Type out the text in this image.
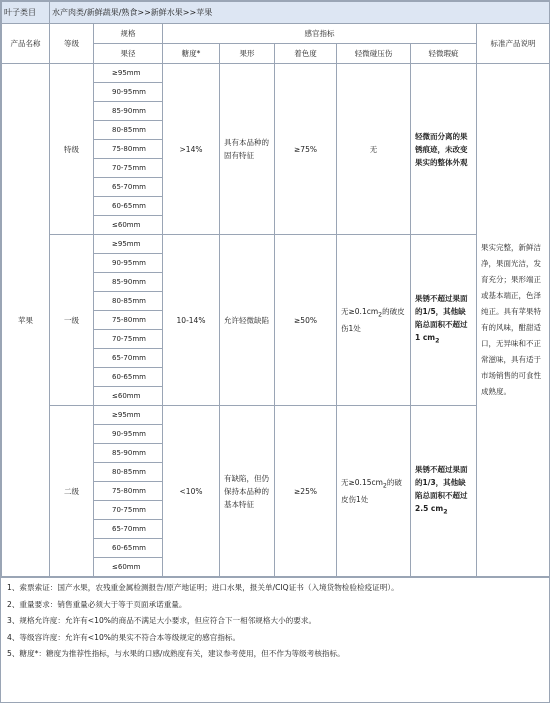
叶子类目	水产肉类/新鲜蔬果/熟食>>新鲜水果>>苹果							
产品名称	等级	规格	感官指标					标准产品说明
		果径	糖度*	果形	着色度	轻微碰压伤	轻微瑕疵	
苹果	特级	≥95mm	>14%	具有本品种的固有特征	≥75%	无	轻微而分离的果锈痕迹，未改变果实的整体外观	果实完整，新鲜洁净，果面光洁，发育充分；果形端正或基本端正，色泽纯正。具有苹果特有的风味，酣甜适口，无异味和不正常滋味，具有适于市场销售的可食性成熟度。
		90-95mm						
		85-90mm						
		80-85mm						
		75-80mm						
		70-75mm						
		65-70mm						
		60-65mm						
		≤60mm						
	一级	≥95mm	10-14%	允许轻微缺陷	≥50%	无$\ge 0.1cm_2$的破皮伤1处	果锈不超过果面的1/5，其他缺陷总面积不超过1 $cm_2$
		90-95mm						
		85-90mm						
		80-85mm						
		75-80mm						
		70-75mm						
		65-70mm						
		60-65mm						
		≤60mm						
	二级	≥95mm	<10%	有缺陷，但仍保持本品种的基本特征	≥25%	无$\ge 0.15cm_2$的破皮伤1处	果锈不超过果面的1/3，其他缺陷总面积不超过2.5 $cm_2$
		90-95mm						
		85-90mm						
		80-85mm						
		75-80mm						
		70-75mm						
		65-70mm						
		60-65mm						
		≤60mm						
1、索票索证：国产水果，农残重金属检测报告/原产地证明；进口水果，报关单/CIQ证书（入境货物检验检疫证明）。
2、重量要求：销售重量必须大于等于页面承诺重量。
3、规格允许度：允许有<10%的商品不满足大小要求，但应符合下一相邻规格大小的要求。
4、等级容许度：允许有<10%的果实不符合本等级规定的感官指标。
5、糖度*：糖度为推荐性指标，与水果的口感/成熟度有关，建议参考使用，但不作为等级考核指标。
